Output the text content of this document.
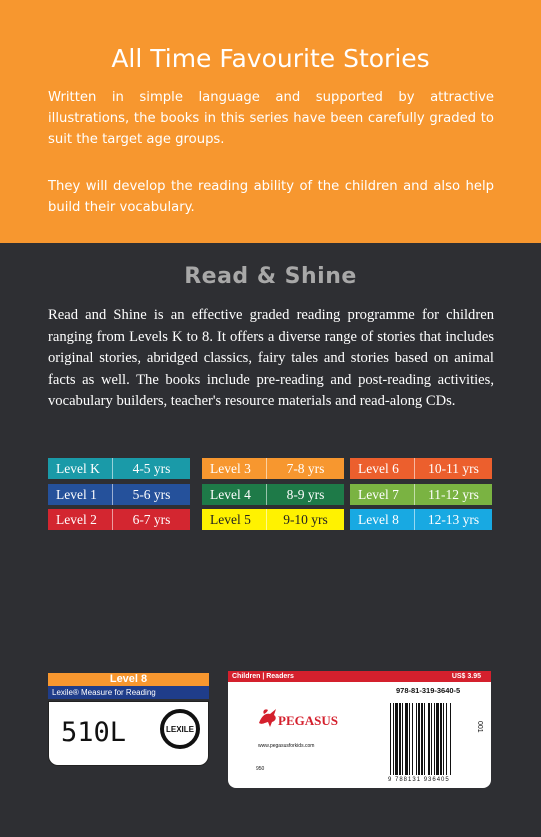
All Time Favourite Stories

Written in simple language and supported by attractive illustrations, the books in this series have been carefully graded to suit the target age groups.

They will develop the reading ability of the children and also help build their vocabulary.

Read & Shine

Read and Shine is an effective graded reading programme for children ranging from Levels K to 8. It offers a diverse range of stories that includes original stories, abridged classics, fairy tales and stories based on animal facts as well. The books include pre-reading and post-reading activities, vocabulary builders, teacher's resource materials and read-along CDs.

Level K	4-5 yrs
Level 1	5-6 yrs
Level 2	6-7 yrs
Level 3	7-8 yrs
Level 4	8-9 yrs
Level 5	9-10 yrs
Level 6	10-11 yrs
Level 7	11-12 yrs
Level 8	12-13 yrs
Level 8
Lexile® Measure for Reading
510L	LEXILE
Children | Readers	US$ 3.95
978-81-319-3640-5
PEGASUS
www.pegasusforkids.com
950
9 788131 936405
001
